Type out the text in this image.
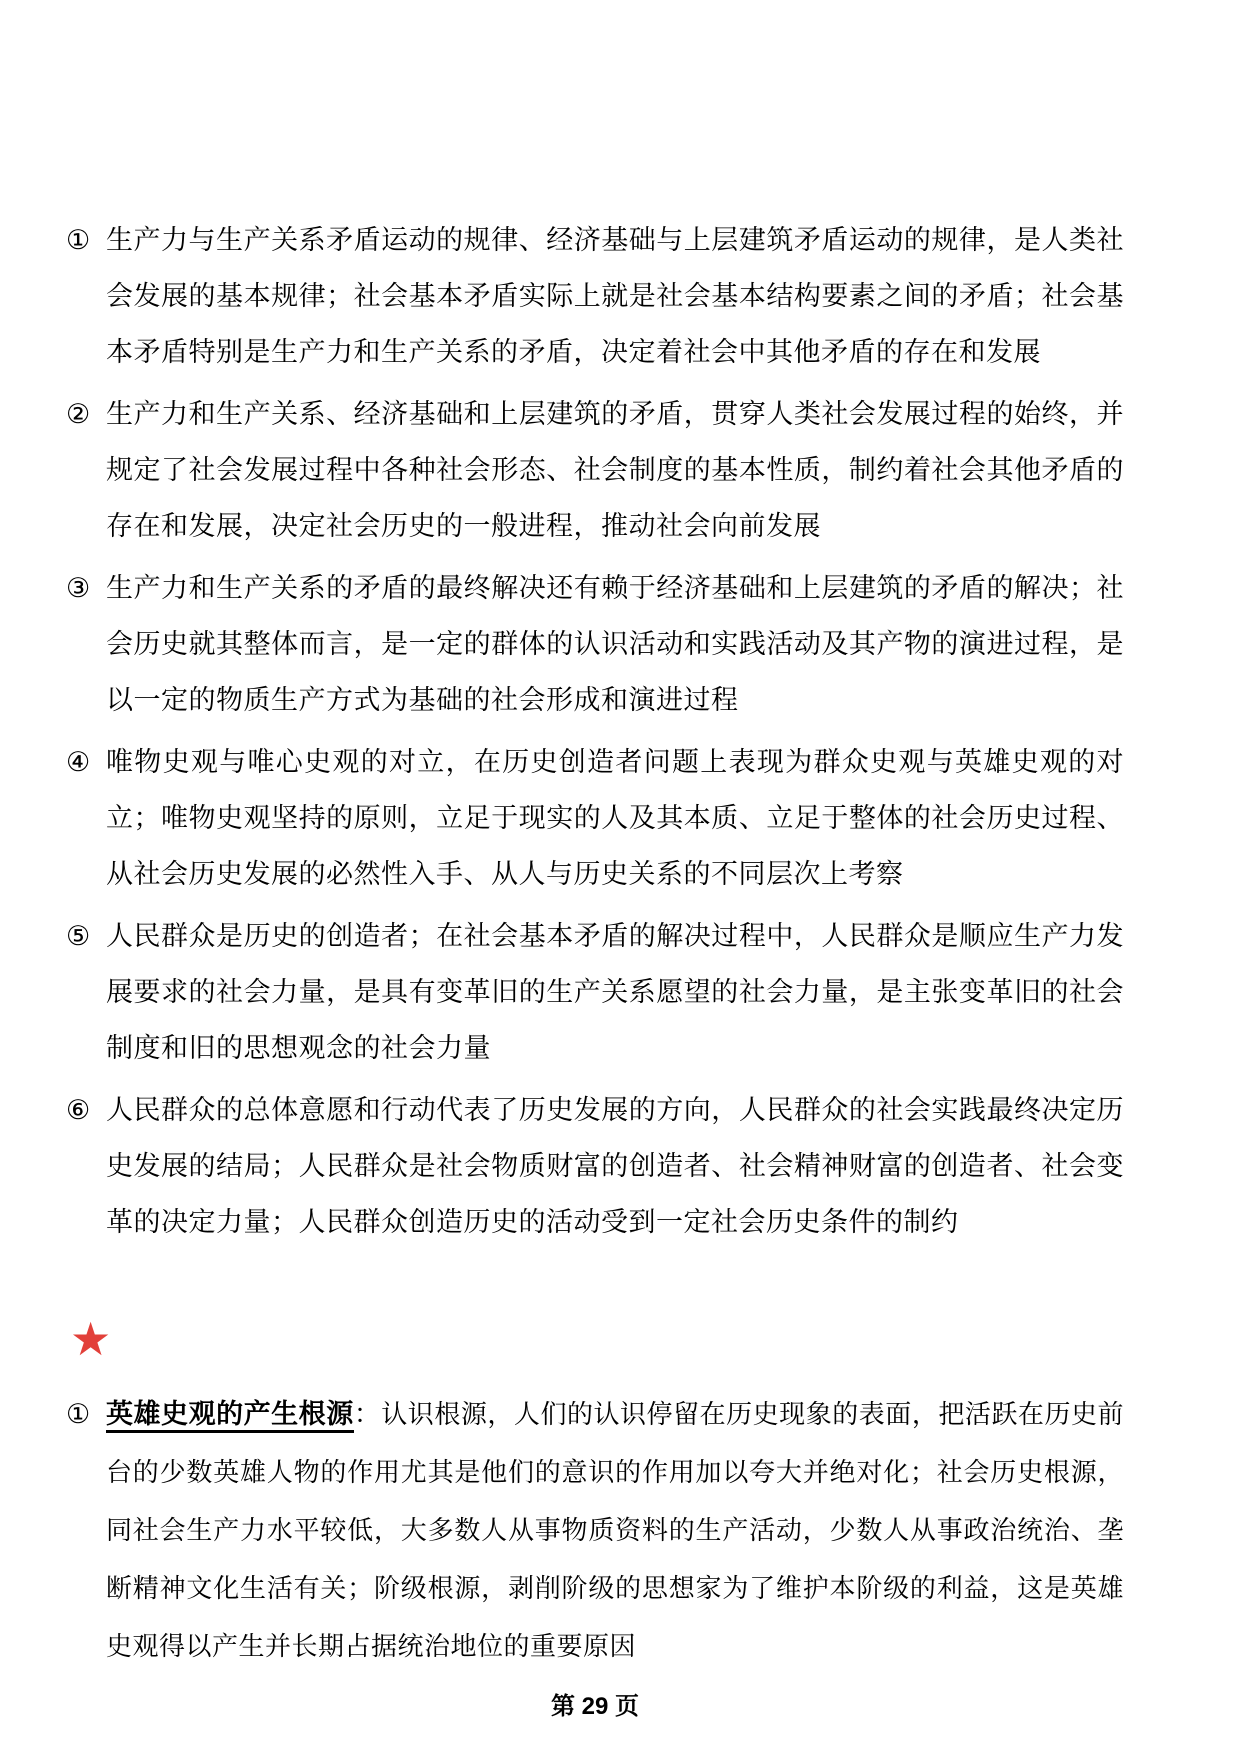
① 生产力与生产关系矛盾运动的规律、经济基础与上层建筑矛盾运动的规律，是人类社会发展的基本规律；社会基本矛盾实际上就是社会基本结构要素之间的矛盾；社会基本矛盾特别是生产力和生产关系的矛盾，决定着社会中其他矛盾的存在和发展
② 生产力和生产关系、经济基础和上层建筑的矛盾，贯穿人类社会发展过程的始终，并规定了社会发展过程中各种社会形态、社会制度的基本性质，制约着社会其他矛盾的存在和发展，决定社会历史的一般进程，推动社会向前发展
③ 生产力和生产关系的矛盾的最终解决还有赖于经济基础和上层建筑的矛盾的解决；社会历史就其整体而言，是一定的群体的认识活动和实践活动及其产物的演进过程，是以一定的物质生产方式为基础的社会形成和演进过程
④ 唯物史观与唯心史观的对立，在历史创造者问题上表现为群众史观与英雄史观的对立；唯物史观坚持的原则，立足于现实的人及其本质、立足于整体的社会历史过程、从社会历史发展的必然性入手、从人与历史关系的不同层次上考察
⑤ 人民群众是历史的创造者；在社会基本矛盾的解决过程中，人民群众是顺应生产力发展要求的社会力量，是具有变革旧的生产关系愿望的社会力量，是主张变革旧的社会制度和旧的思想观念的社会力量
⑥ 人民群众的总体意愿和行动代表了历史发展的方向，人民群众的社会实践最终决定历史发展的结局；人民群众是社会物质财富的创造者、社会精神财富的创造者、社会变革的决定力量；人民群众创造历史的活动受到一定社会历史条件的制约
★
① 英雄史观的产生根源：认识根源，人们的认识停留在历史现象的表面，把活跃在历史前台的少数英雄人物的作用尤其是他们的意识的作用加以夸大并绝对化；社会历史根源，同社会生产力水平较低，大多数人从事物质资料的生产活动，少数人从事政治统治、垄断精神文化生活有关；阶级根源，剥削阶级的思想家为了维护本阶级的利益，这是英雄史观得以产生并长期占据统治地位的重要原因
第 29 页
